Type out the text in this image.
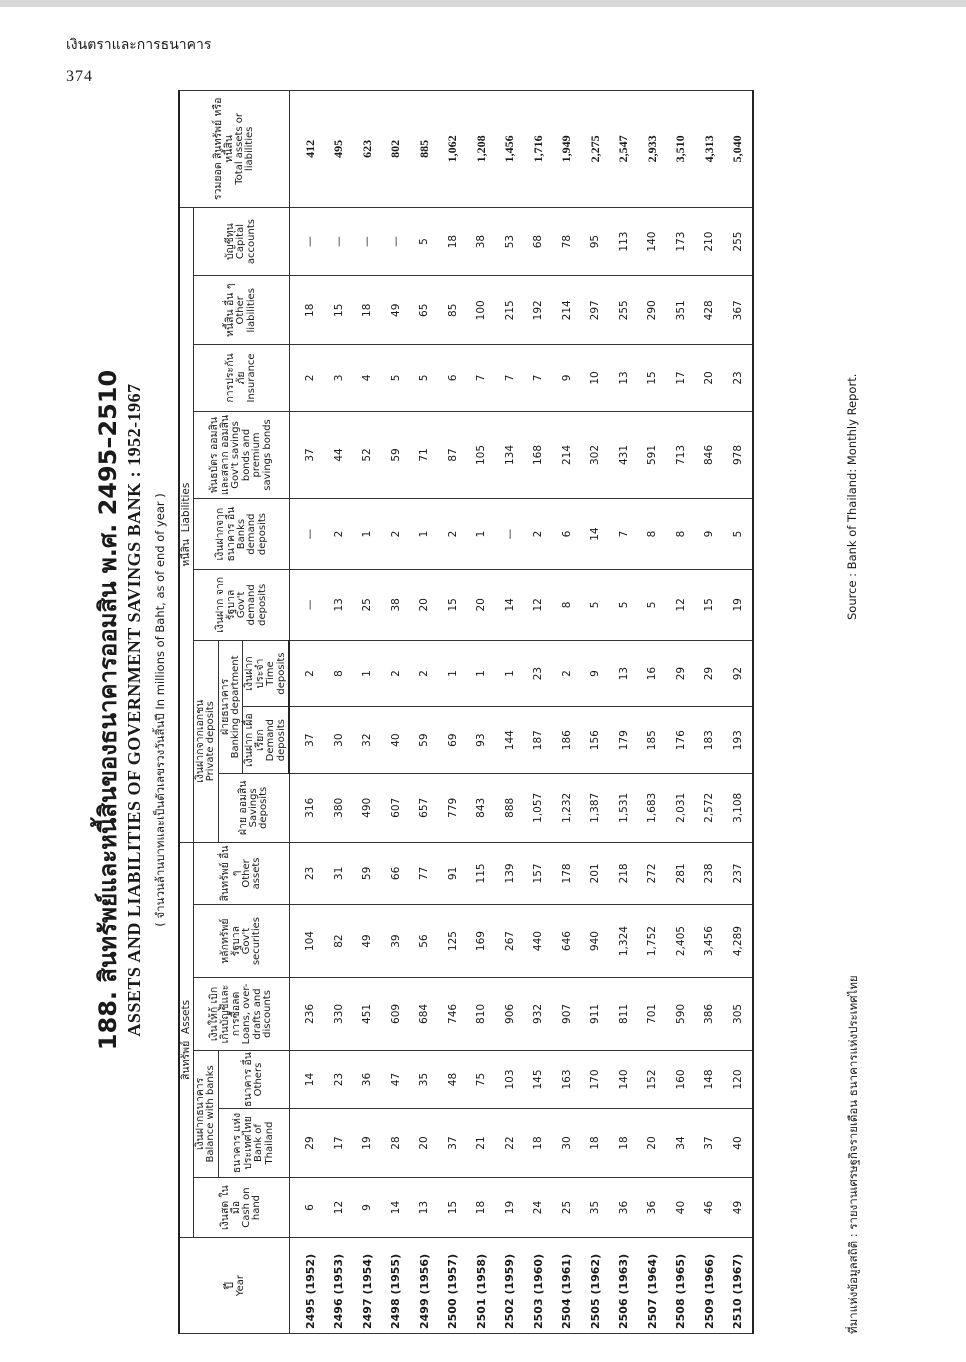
เงินตราและการธนาคาร
374
188. สินทรัพย์และหนี้สินของธนาคารออมสิน พ.ศ. 2495–2510 ASSETS AND LIABILITIES OF GOVERNMENT SAVINGS BANK : 1952-1967 ( จำนวนล้านบาทและเป็นตัวเลขรวงวันสิ้นปี In millions of Baht, as of end of year )
ปี Year	สินทรัพย์  Assets						หนี้สิน  Liabilities									รวมยอด สินทรัพย์ หรือ หนี้สิน Total assets or liabilities

	เงินสด ในมือ Cash on hand	เงินฝากธนาคาร Balance with banks		เงินให้กู้ เบิกเกินบัญชีและ การซื้อลด Loans, over-drafts and discounts	หลักทรัพย์ รัฐบาล Gov't securities	สินทรัพย์ อื่น ๆ Other assets	เงินฝากจากเอกชน Private deposits			เงินฝาก จากรัฐบาล Gov't demand deposits	เงินฝากจาก ธนาคาร อื่น Banks demand deposits	พันธบัตร ออมสิน และสลาก ออมสิน Gov't savings bonds and premium savings bonds	การประกัน ภัย Insurance	หนี้สิน อื่น ๆ Other liabilities	บัญชีทุน Capital accounts	

		ธนาคาร แห่งประเทศไทย Bank of Thailand	ธนาคาร อื่น Others				ฝ่าย ออมสิน Savings deposits	ฝ่ายธนาคาร Banking department								

								เงินฝาก เผื่อเรียก Demand deposits	เงินฝาก ประจำ Time deposits							

2495 (1952)	6	29	14	236	104	23	316	37	2	—	—	37	2	18	—	412
2496 (1953)	12	17	23	330	82	31	380	30	8	13	2	44	3	15	—	495
2497 (1954)	9	19	36	451	49	59	490	32	1	25	1	52	4	18	—	623
2498 (1955)	14	28	47	609	39	66	607	40	2	38	2	59	5	49	—	802
2499 (1956)	13	20	35	684	56	77	657	59	2	20	1	71	5	65	5	885
2500 (1957)	15	37	48	746	125	91	779	69	1	15	2	87	6	85	18	1,062
2501 (1958)	18	21	75	810	169	115	843	93	1	20	1	105	7	100	38	1,208
2502 (1959)	19	22	103	906	267	139	888	144	1	14	—	134	7	215	53	1,456
2503 (1960)	24	18	145	932	440	157	1,057	187	23	12	2	168	7	192	68	1,716
2504 (1961)	25	30	163	907	646	178	1,232	186	2	8	6	214	9	214	78	1,949
2505 (1962)	35	18	170	911	940	201	1,387	156	9	5	14	302	10	297	95	2,275
2506 (1963)	36	18	140	811	1,324	218	1,531	179	13	5	7	431	13	255	113	2,547
2507 (1964)	36	20	152	701	1,752	272	1,683	185	16	5	8	591	15	290	140	2,933
2508 (1965)	40	34	160	590	2,405	281	2,031	176	29	12	8	713	17	351	173	3,510
2509 (1966)	46	37	148	386	3,456	238	2,572	183	29	15	9	846	20	428	210	4,313
2510 (1967)	49	40	120	305	4,289	237	3,108	193	92	19	5	978	23	367	255	5,040
ที่มาแห่งข้อมูลสถิติ : รายงานเศรษฐกิจรายเดือน ธนาคารแห่งประเทศไทย
Source : Bank of Thailand: Monthly Report.
